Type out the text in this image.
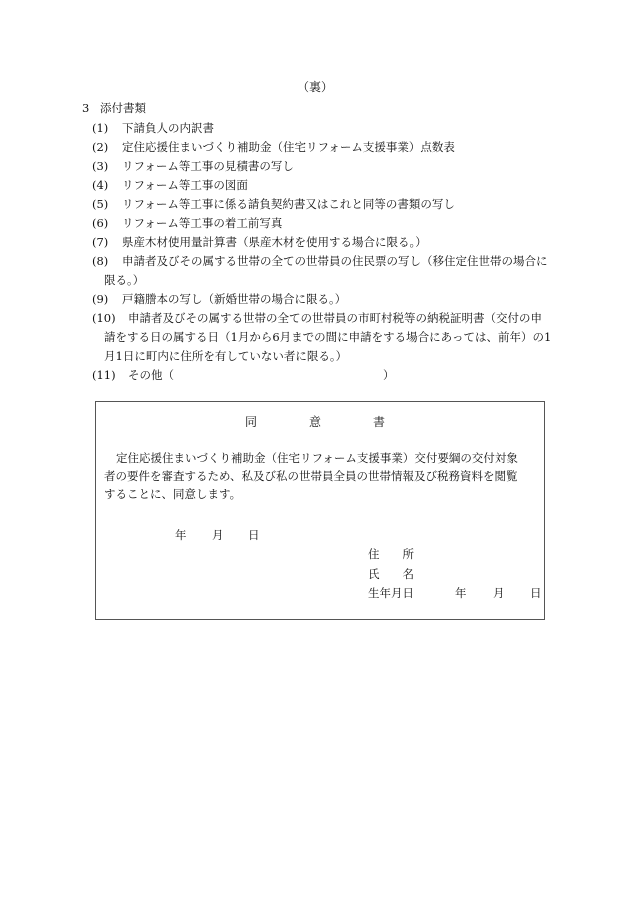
（裏）
3 添付書類
(1) 下請負人の内訳書
(2) 定住応援住まいづくり補助金（住宅リフォーム支援事業）点数表
(3) リフォーム等工事の見積書の写し
(4) リフォーム等工事の図面
(5) リフォーム等工事に係る請負契約書又はこれと同等の書類の写し
(6) リフォーム等工事の着工前写真
(7) 県産木材使用量計算書（県産木材を使用する場合に限る。）
(8) 申請者及びその属する世帯の全ての世帯員の住民票の写し（移住定住世帯の場合に
限る。）
(9) 戸籍謄本の写し（新婚世帯の場合に限る。）
(10) 申請者及びその属する世帯の全ての世帯員の市町村税等の納税証明書（交付の申
請をする日の属する日（1月から6月までの間に申請をする場合にあっては、前年）の1
月1日に町内に住所を有していない者に限る。）
(11) その他（	）
同	意	書
定住応援住まいづくり補助金（住宅リフォーム支援事業）交付要綱の交付対象
者の要件を審査するため、私及び私の世帯員全員の世帯情報及び税務資料を閲覧
することに、同意します。
年 月 日
住　　所
氏　　名
生年月日	年 月 日
